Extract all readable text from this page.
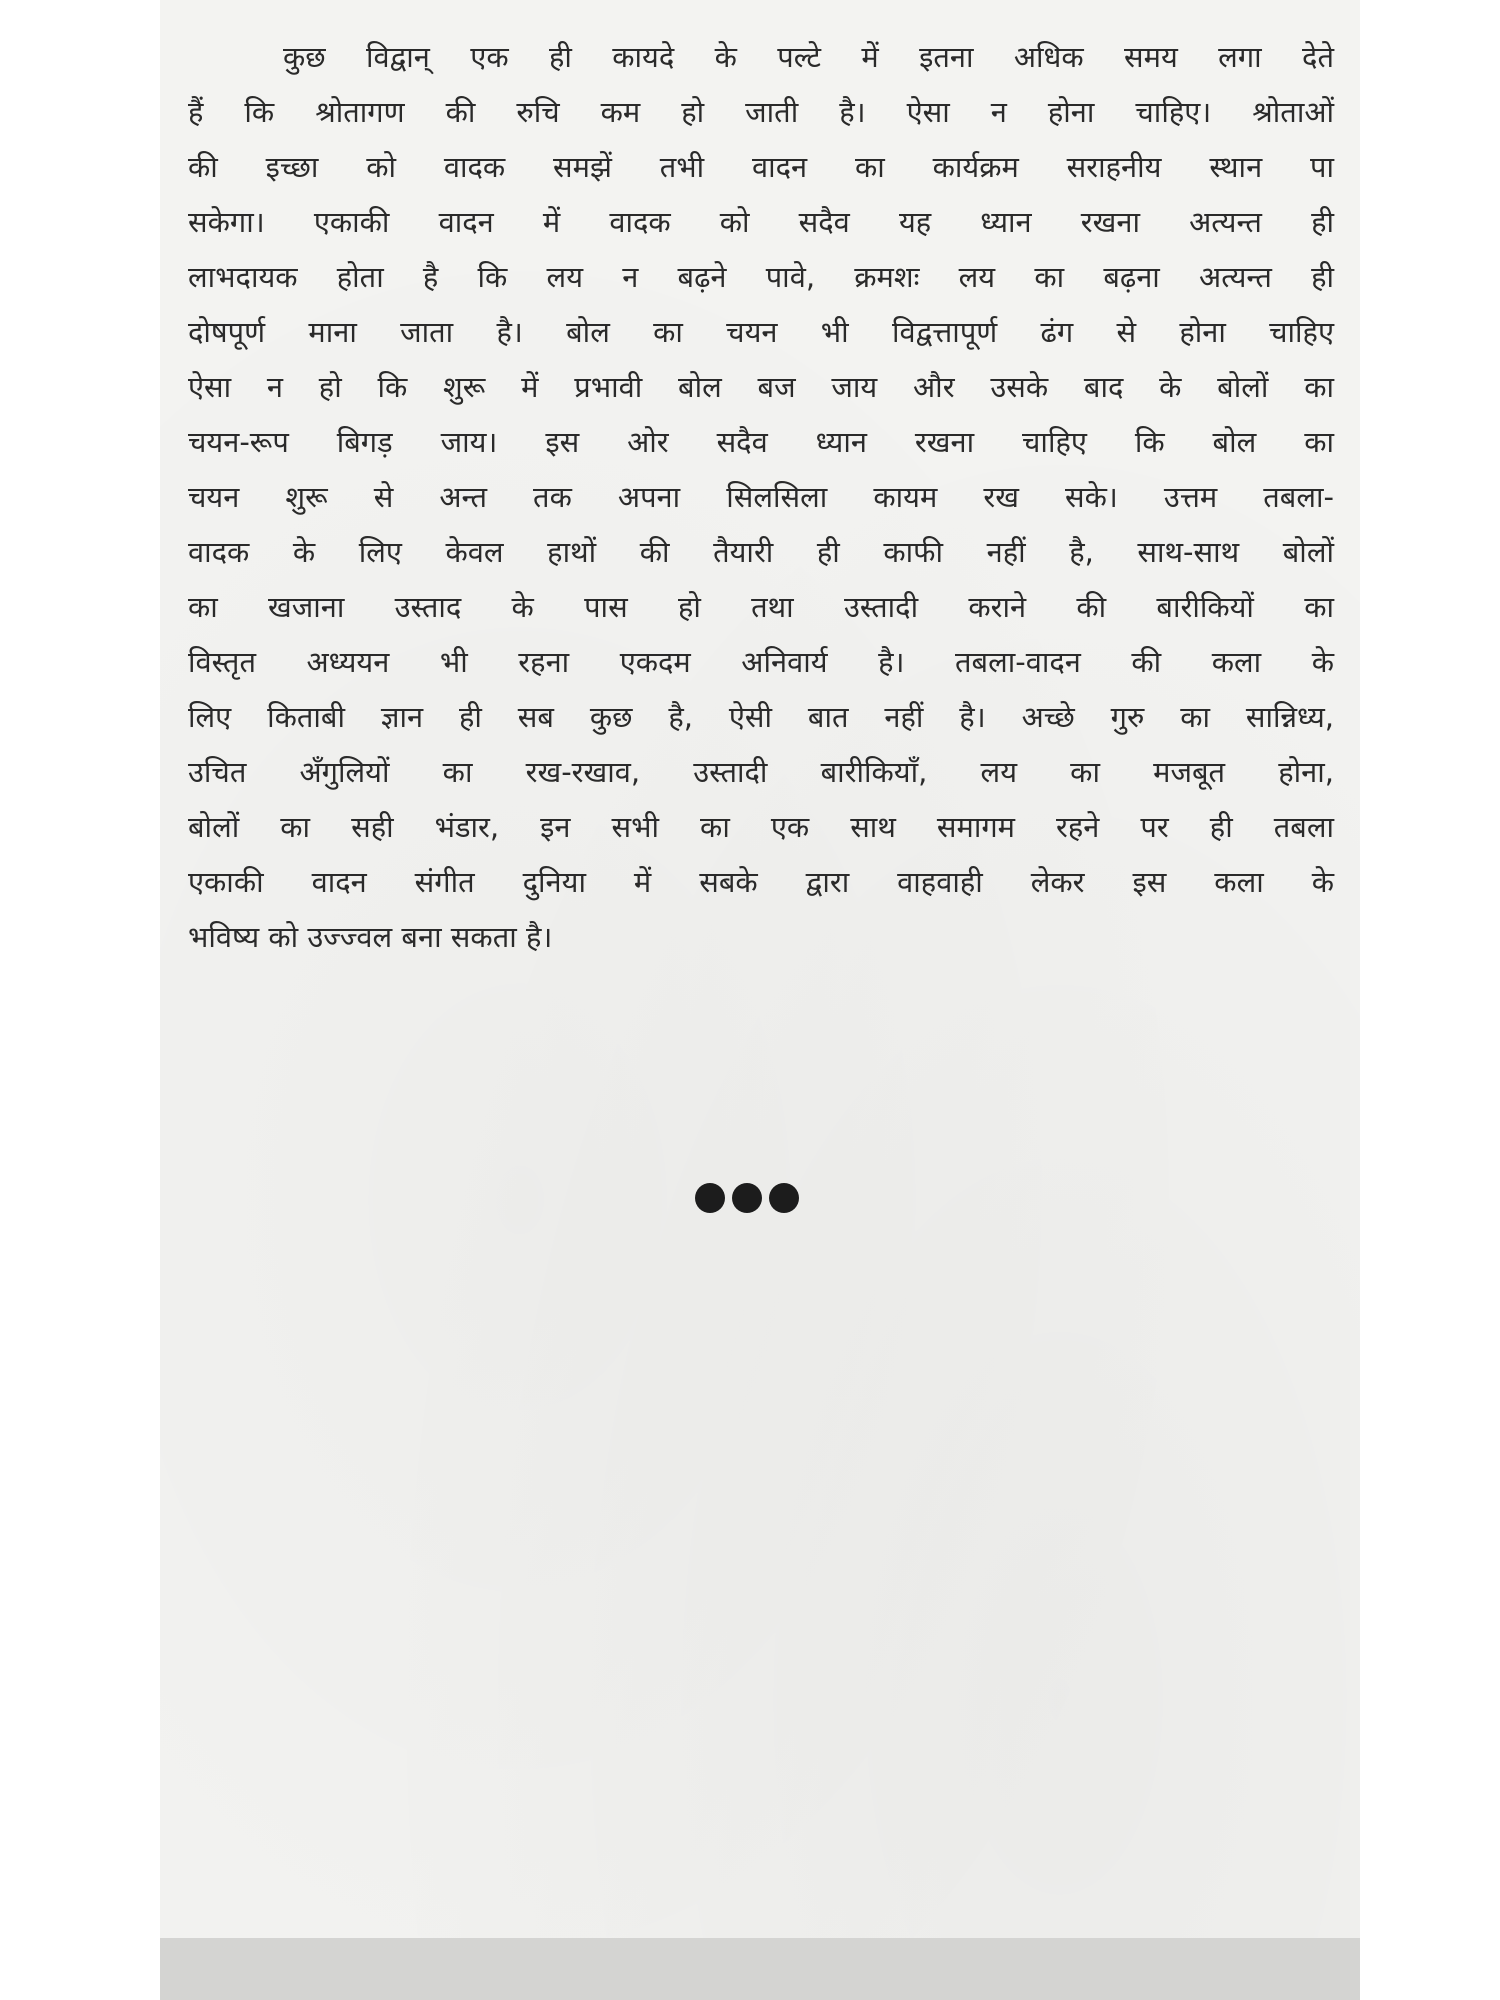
कुछ विद्वान् एक ही कायदे के पल्टे में इतना अधिक समय लगा देते
हैं कि श्रोतागण की रुचि कम हो जाती है। ऐसा न होना चाहिए। श्रोताओं
की इच्छा को वादक समझें तभी वादन का कार्यक्रम सराहनीय स्थान पा
सकेगा। एकाकी वादन में वादक को सदैव यह ध्यान रखना अत्यन्त ही
लाभदायक होता है कि लय न बढ़ने पावे, क्रमशः लय का बढ़ना अत्यन्त ही
दोषपूर्ण माना जाता है। बोल का चयन भी विद्वत्तापूर्ण ढंग से होना चाहिए
ऐसा न हो कि शुरू में प्रभावी बोल बज जाय और उसके बाद के बोलों का
चयन-रूप बिगड़ जाय। इस ओर सदैव ध्यान रखना चाहिए कि बोल का
चयन शुरू से अन्त तक अपना सिलसिला कायम रख सके। उत्तम तबला-
वादक के लिए केवल हाथों की तैयारी ही काफी नहीं है, साथ-साथ बोलों
का खजाना उस्ताद के पास हो तथा उस्तादी कराने की बारीकियों का
विस्तृत अध्ययन भी रहना एकदम अनिवार्य है। तबला-वादन की कला के
लिए किताबी ज्ञान ही सब कुछ है, ऐसी बात नहीं है। अच्छे गुरु का सान्निध्य,
उचित अँगुलियों का रख-रखाव, उस्तादी बारीकियाँ, लय का मजबूत होना,
बोलों का सही भंडार, इन सभी का एक साथ समागम रहने पर ही तबला
एकाकी वादन संगीत दुनिया में सबके द्वारा वाहवाही लेकर इस कला के
भविष्य को उज्ज्वल बना सकता है।
